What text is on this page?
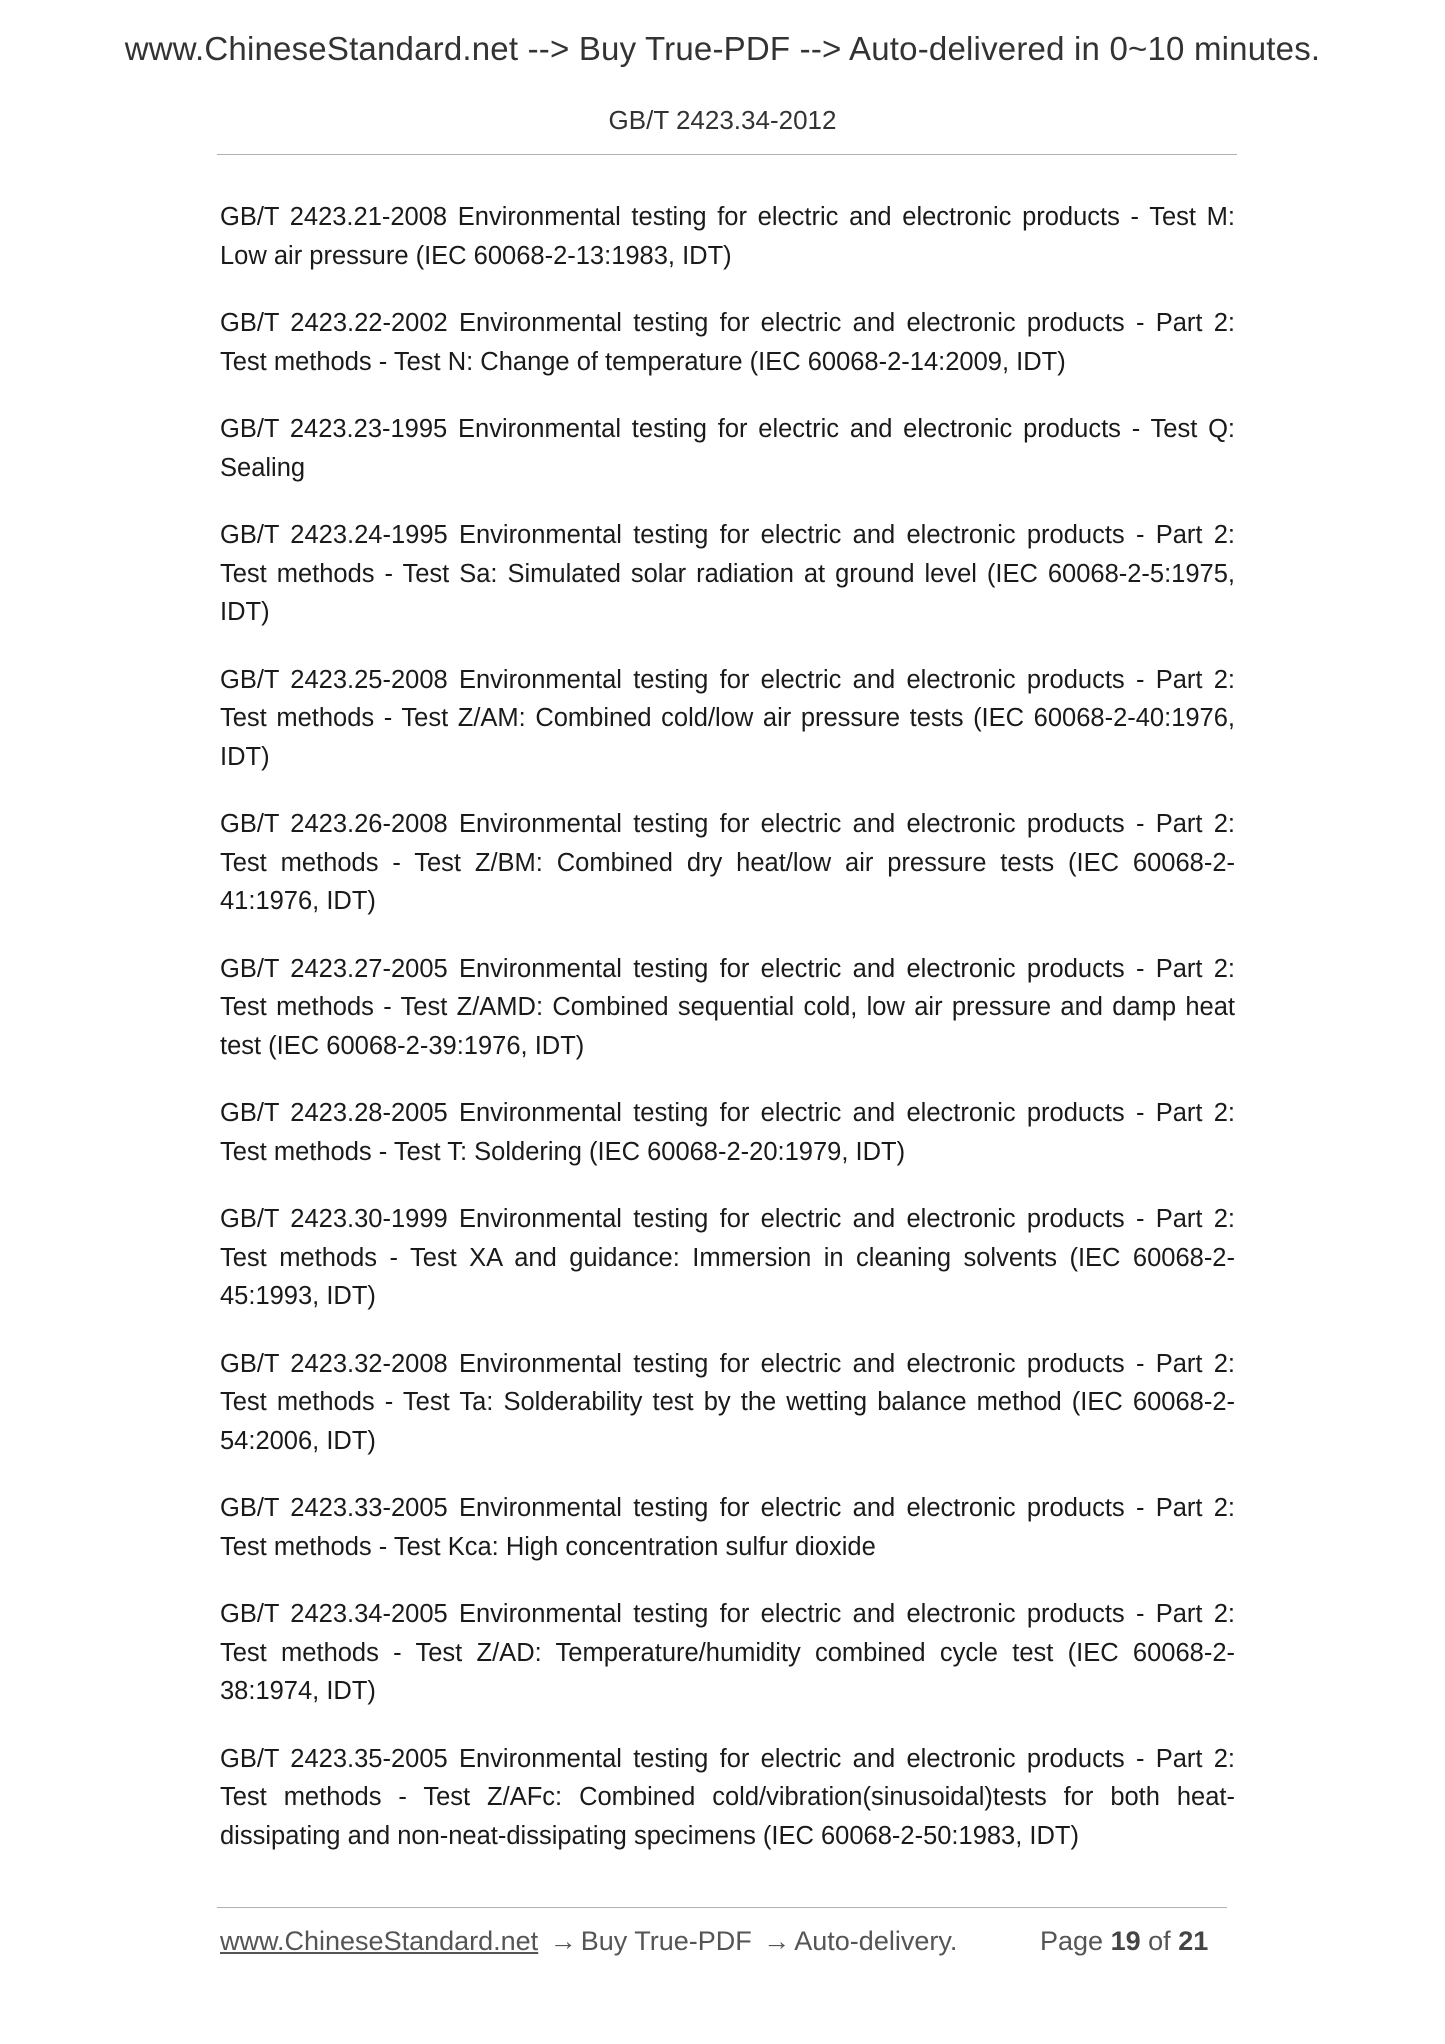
www.ChineseStandard.net --> Buy True-PDF --> Auto-delivered in 0~10 minutes.
GB/T 2423.34-2012
GB/T 2423.21-2008 Environmental testing for electric and electronic products - Test M: Low air pressure (IEC 60068-2-13:1983, IDT)
GB/T 2423.22-2002 Environmental testing for electric and electronic products - Part 2: Test methods - Test N: Change of temperature (IEC 60068-2-14:2009, IDT)
GB/T 2423.23-1995 Environmental testing for electric and electronic products - Test Q: Sealing
GB/T 2423.24-1995 Environmental testing for electric and electronic products - Part 2: Test methods - Test Sa: Simulated solar radiation at ground level (IEC 60068-2-5:1975, IDT)
GB/T 2423.25-2008 Environmental testing for electric and electronic products - Part 2: Test methods - Test Z/AM: Combined cold/low air pressure tests (IEC 60068-2-40:1976, IDT)
GB/T 2423.26-2008 Environmental testing for electric and electronic products - Part 2: Test methods - Test Z/BM: Combined dry heat/low air pressure tests (IEC 60068-2-41:1976, IDT)
GB/T 2423.27-2005 Environmental testing for electric and electronic products - Part 2: Test methods - Test Z/AMD: Combined sequential cold, low air pressure and damp heat test (IEC 60068-2-39:1976, IDT)
GB/T 2423.28-2005 Environmental testing for electric and electronic products - Part 2: Test methods - Test T: Soldering (IEC 60068-2-20:1979, IDT)
GB/T 2423.30-1999 Environmental testing for electric and electronic products - Part 2: Test methods - Test XA and guidance: Immersion in cleaning solvents (IEC 60068-2-45:1993, IDT)
GB/T 2423.32-2008 Environmental testing for electric and electronic products - Part 2: Test methods - Test Ta: Solderability test by the wetting balance method (IEC 60068-2-54:2006, IDT)
GB/T 2423.33-2005 Environmental testing for electric and electronic products - Part 2: Test methods - Test Kca: High concentration sulfur dioxide
GB/T 2423.34-2005 Environmental testing for electric and electronic products - Part 2: Test methods - Test Z/AD: Temperature/humidity combined cycle test (IEC 60068-2-38:1974, IDT)
GB/T 2423.35-2005 Environmental testing for electric and electronic products - Part 2: Test methods - Test Z/AFc: Combined cold/vibration(sinusoidal)tests for both heat-dissipating and non-neat-dissipating specimens (IEC 60068-2-50:1983, IDT)
www.ChineseStandard.net → Buy True-PDF → Auto-delivery.	Page 19 of 21
